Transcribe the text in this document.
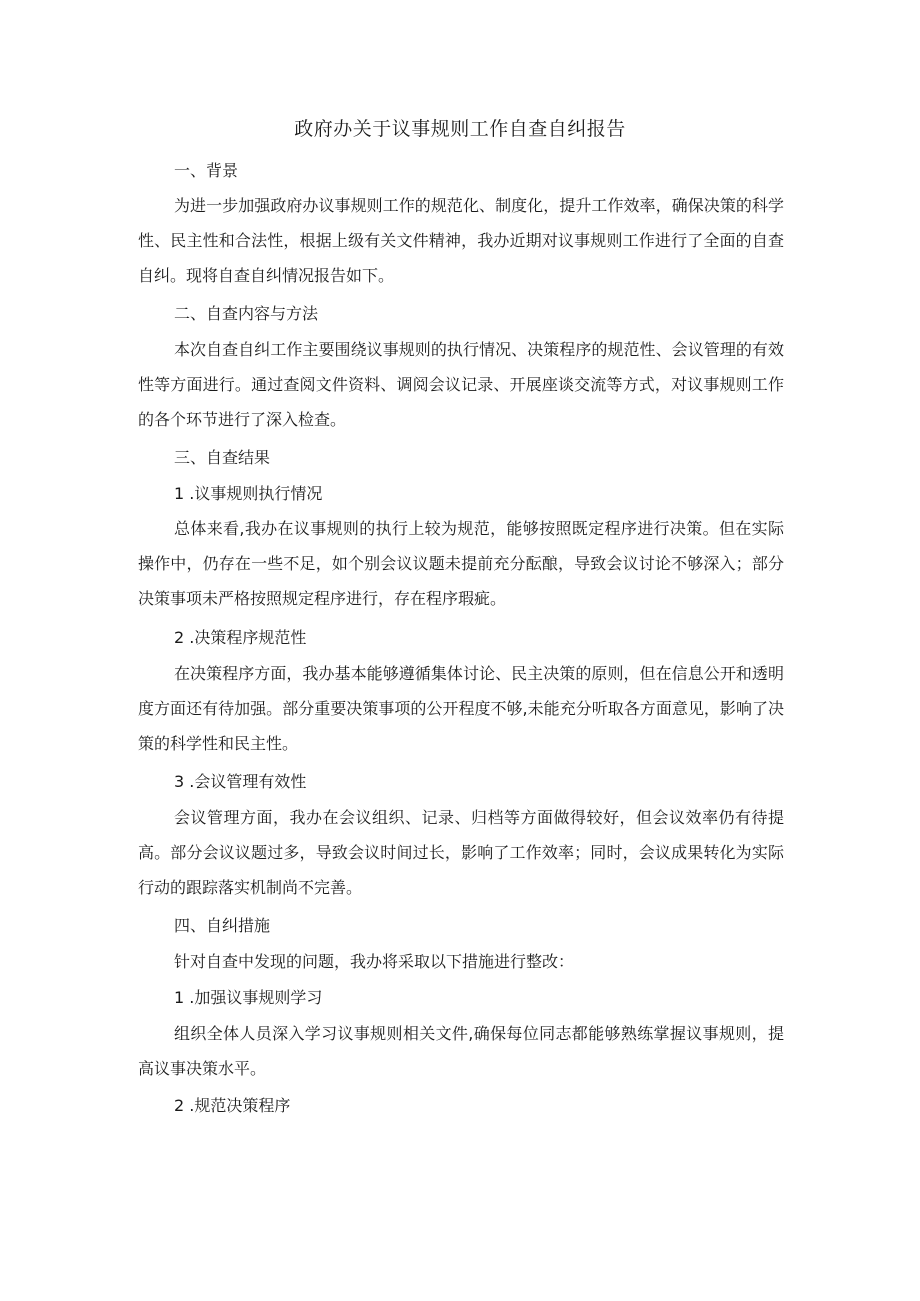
政府办关于议事规则工作自查自纠报告

一、背景

为进一步加强政府办议事规则工作的规范化、制度化，提升工作效率，确保决策的科学性、民主性和合法性，根据上级有关文件精神，我办近期对议事规则工作进行了全面的自查自纠。现将自查自纠情况报告如下。

二、自查内容与方法

本次自查自纠工作主要围绕议事规则的执行情况、决策程序的规范性、会议管理的有效性等方面进行。通过查阅文件资料、调阅会议记录、开展座谈交流等方式，对议事规则工作的各个环节进行了深入检查。

三、自查结果

1 .议事规则执行情况

总体来看,我办在议事规则的执行上较为规范，能够按照既定程序进行决策。但在实际操作中，仍存在一些不足，如个别会议议题未提前充分酝酿，导致会议讨论不够深入；部分决策事项未严格按照规定程序进行，存在程序瑕疵。

2 .决策程序规范性

在决策程序方面，我办基本能够遵循集体讨论、民主决策的原则，但在信息公开和透明度方面还有待加强。部分重要决策事项的公开程度不够,未能充分听取各方面意见，影响了决策的科学性和民主性。

3 .会议管理有效性

会议管理方面，我办在会议组织、记录、归档等方面做得较好，但会议效率仍有待提高。部分会议议题过多，导致会议时间过长，影响了工作效率；同时，会议成果转化为实际行动的跟踪落实机制尚不完善。

四、自纠措施

针对自查中发现的问题，我办将采取以下措施进行整改：

1 .加强议事规则学习

组织全体人员深入学习议事规则相关文件,确保每位同志都能够熟练掌握议事规则，提高议事决策水平。

2 .规范决策程序
